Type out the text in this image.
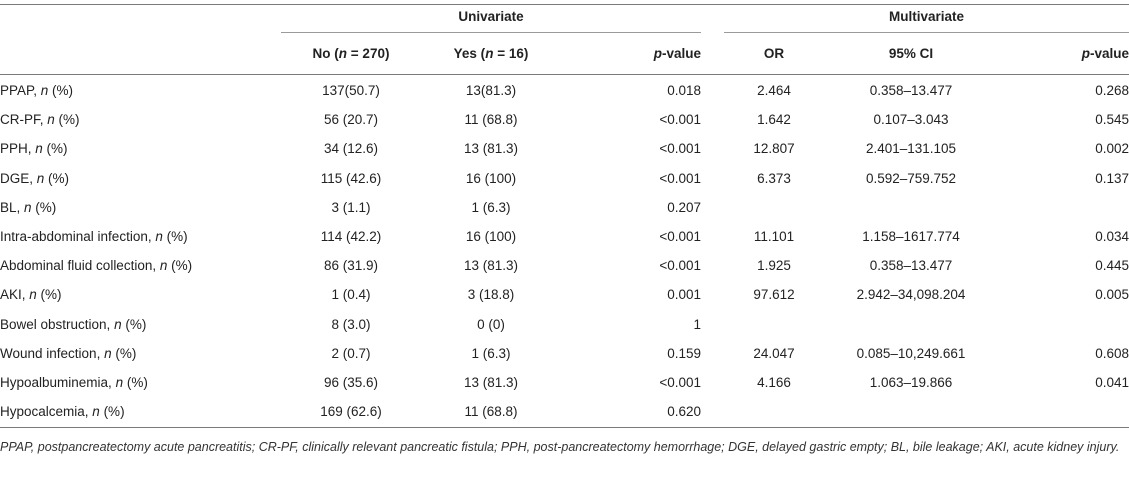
Univariate	Multivariate
No (n = 270)	Yes (n = 16)	p-value	OR	95% CI	p-value
PPAP, n (%)	137(50.7)	13(81.3)	0.018	2.464	0.358–13.477	0.268
CR-PF, n (%)	56 (20.7)	11 (68.8)	<0.001	1.642	0.107–3.043	0.545
PPH, n (%)	34 (12.6)	13 (81.3)	<0.001	12.807	2.401–131.105	0.002
DGE, n (%)	115 (42.6)	16 (100)	<0.001	6.373	0.592–759.752	0.137
BL, n (%)	3 (1.1)	1 (6.3)	0.207
Intra-abdominal infection, n (%)	114 (42.2)	16 (100)	<0.001	11.101	1.158–1617.774	0.034
Abdominal fluid collection, n (%)	86 (31.9)	13 (81.3)	<0.001	1.925	0.358–13.477	0.445
AKI, n (%)	1 (0.4)	3 (18.8)	0.001	97.612	2.942–34,098.204	0.005
Bowel obstruction, n (%)	8 (3.0)	0 (0)	1
Wound infection, n (%)	2 (0.7)	1 (6.3)	0.159	24.047	0.085–10,249.661	0.608
Hypoalbuminemia, n (%)	96 (35.6)	13 (81.3)	<0.001	4.166	1.063–19.866	0.041
Hypocalcemia, n (%)	169 (62.6)	11 (68.8)	0.620
PPAP, postpancreatectomy acute pancreatitis; CR-PF, clinically relevant pancreatic fistula; PPH, post-pancreatectomy hemorrhage; DGE, delayed gastric empty; BL, bile leakage; AKI, acute kidney injury.
